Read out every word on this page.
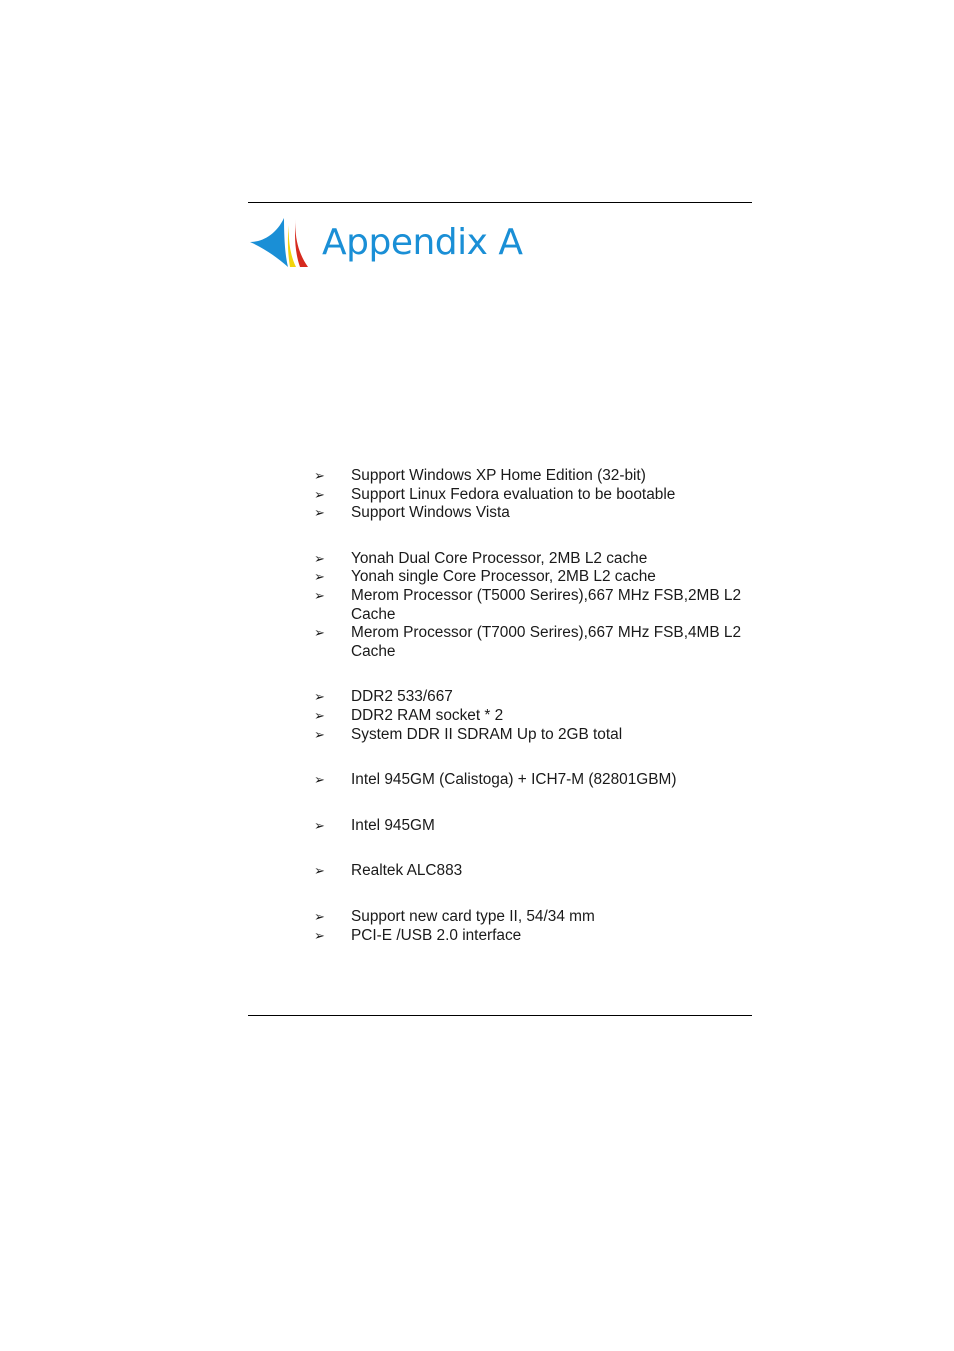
Appendix A
➢	Support Windows XP Home Edition (32-bit)
➢	Support Linux Fedora evaluation to be bootable
➢	Support Windows Vista
➢	Yonah Dual Core Processor, 2MB L2 cache
➢	Yonah single Core Processor, 2MB L2 cache
➢	Merom Processor (T5000 Serires),667 MHz FSB,2MB L2 Cache
➢	Merom Processor (T7000 Serires),667 MHz FSB,4MB L2 Cache
➢	DDR2 533/667
➢	DDR2 RAM socket * 2
➢	System DDR II SDRAM Up to 2GB total
➢	Intel 945GM (Calistoga) + ICH7-M (82801GBM)
➢	Intel 945GM
➢	Realtek ALC883
➢	Support new card type II, 54/34 mm
➢	PCI-E /USB 2.0 interface
